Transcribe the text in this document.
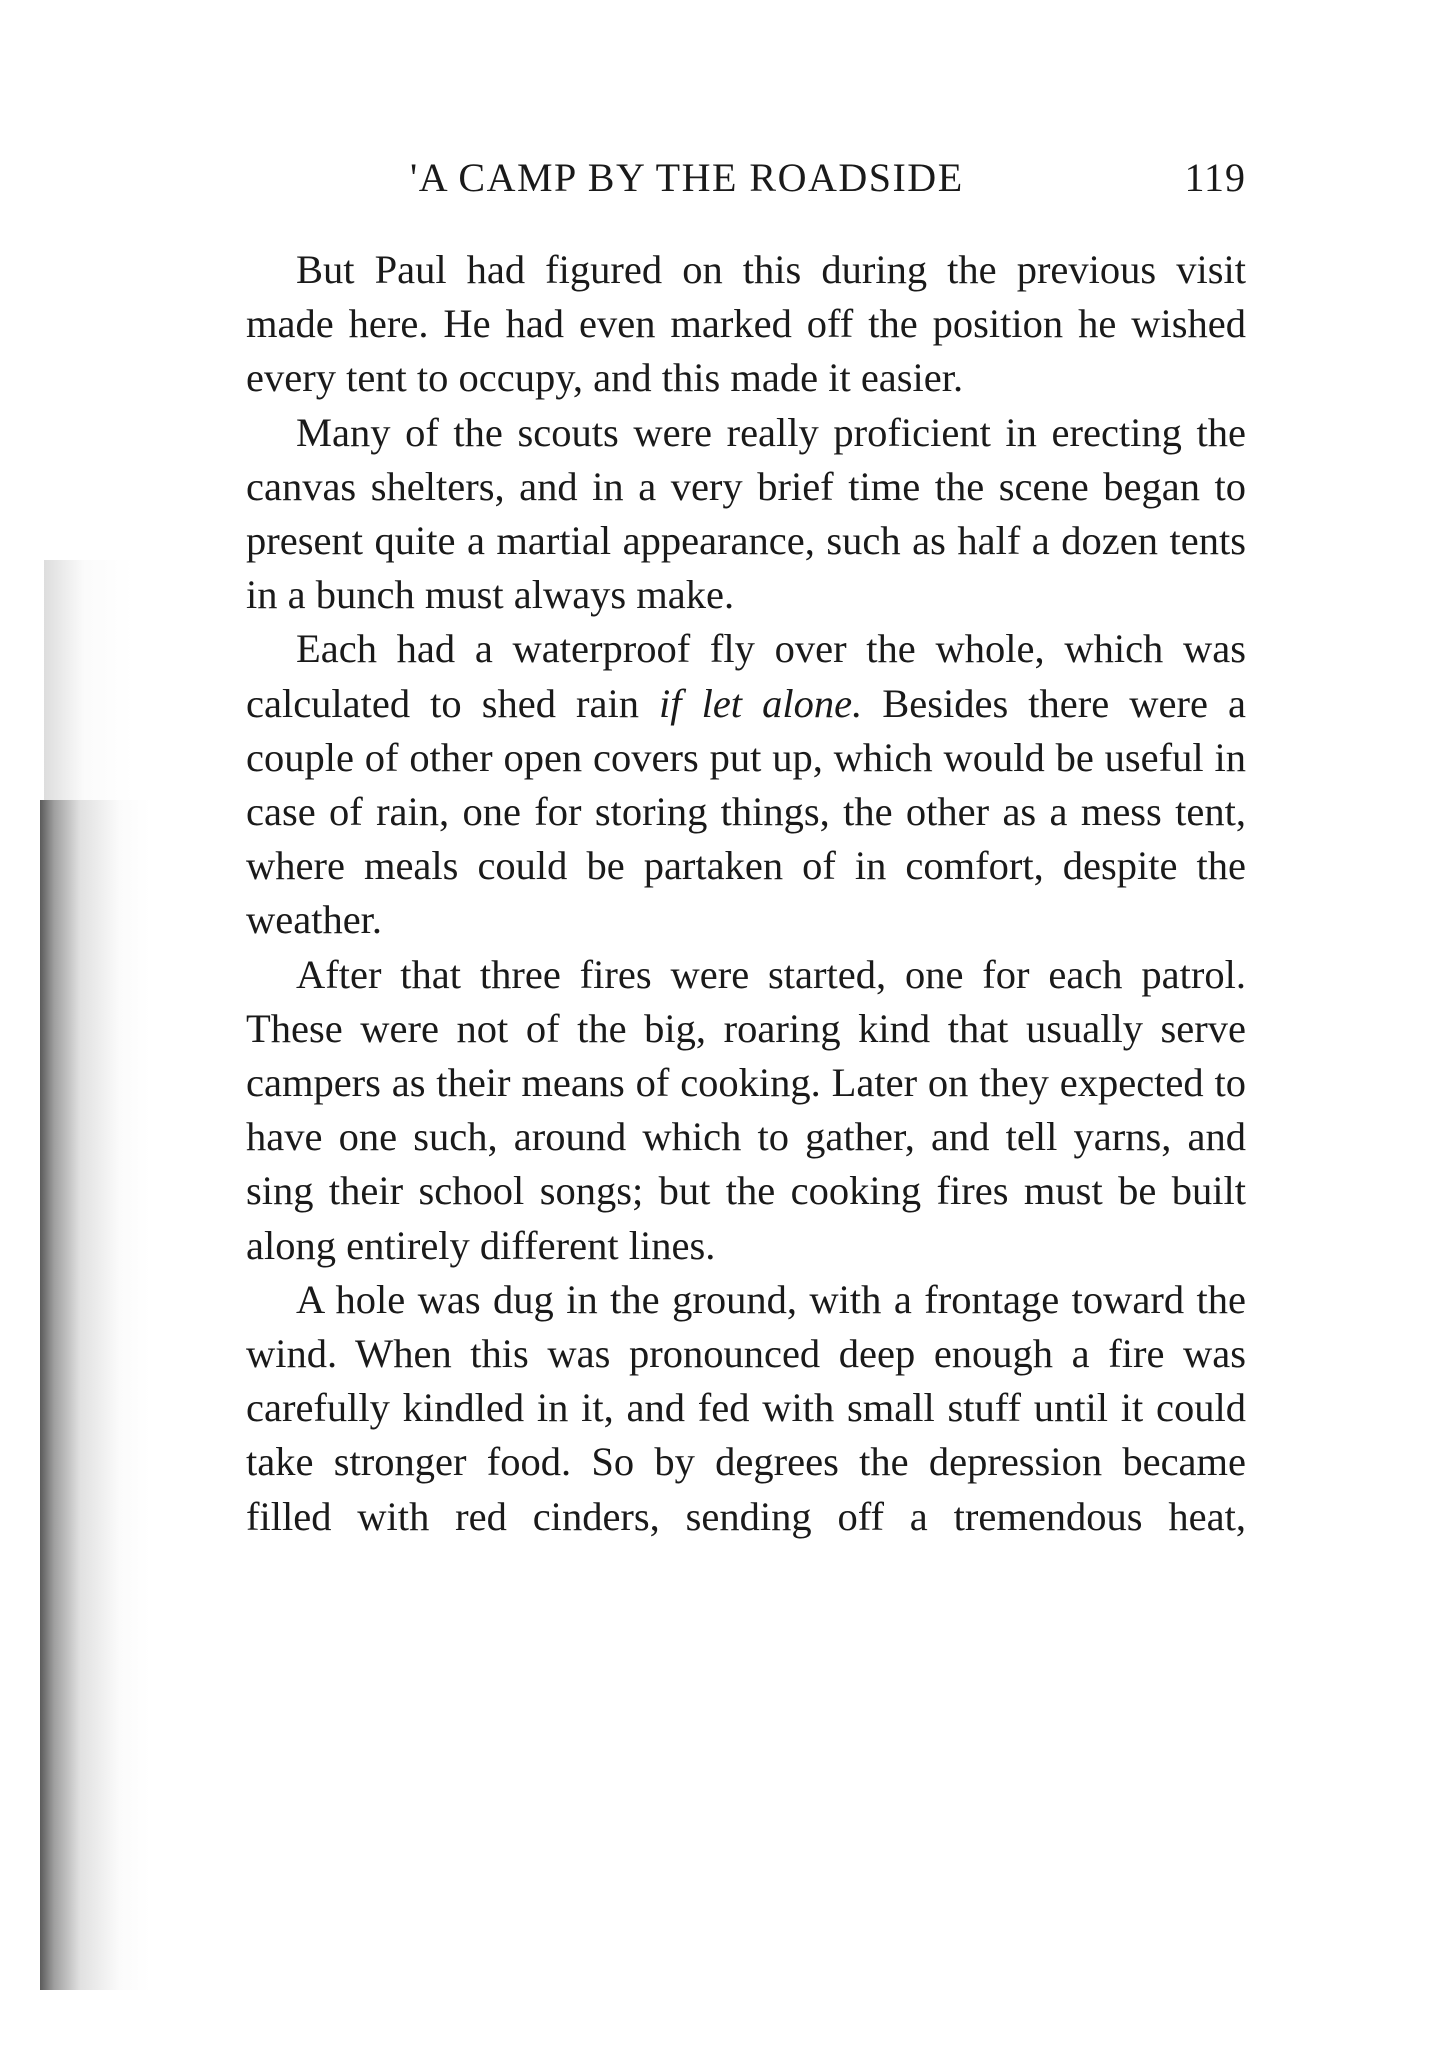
'A CAMP BY THE ROADSIDE	119

But Paul had figured on this during the previous visit made here. He had even marked off the position he wished every tent to occupy, and this made it easier.

Many of the scouts were really proficient in erecting the canvas shelters, and in a very brief time the scene began to present quite a martial appearance, such as half a dozen tents in a bunch must always make.

Each had a waterproof fly over the whole, which was calculated to shed rain if let alone. Besides there were a couple of other open covers put up, which would be useful in case of rain, one for storing things, the other as a mess tent, where meals could be partaken of in comfort, despite the weather.

After that three fires were started, one for each patrol. These were not of the big, roaring kind that usually serve campers as their means of cooking. Later on they expected to have one such, around which to gather, and tell yarns, and sing their school songs; but the cooking fires must be built along entirely different lines.

A hole was dug in the ground, with a frontage toward the wind. When this was pronounced deep enough a fire was carefully kindled in it, and fed with small stuff until it could take stronger food. So by degrees the depression became filled with red cinders, sending off a tremendous heat,
